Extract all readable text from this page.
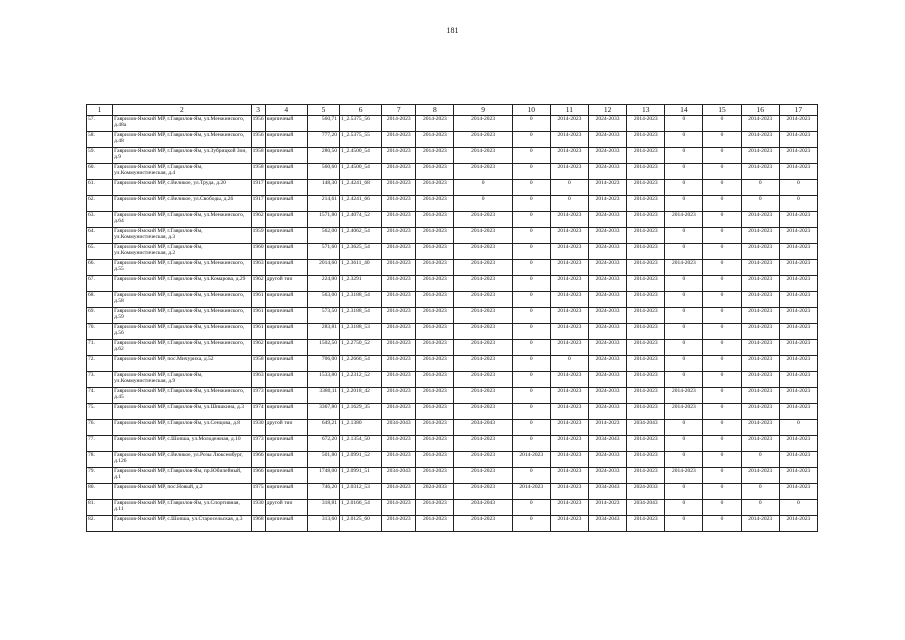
181
1	2	3	4	5	6	7	8	9	10	11	12	13	14	15	16	17
57.	Гаврилов-Ямский МР, г.Гаврилов-Ям, ул.Менжинского, д.48а	1956	кирпичный	560,71	1_2.5375_56	2014-2023	2014-2023	2014-2023	0	2014-2023	2024-2033	2014-2023	0	0	2014-2023	2014-2023
58.	Гаврилов-Ямский МР, г.Гаврилов-Ям, ул.Менжинского, д.48	1956	кирпичный	777,20	1_2.5375_55	2014-2023	2014-2023	2014-2023	0	2014-2023	2024-2033	2014-2023	0	0	2014-2023	2014-2023
59.	Гаврилов-Ямский МР, г.Гаврилов-Ям, ул.Зубрицкой Зои, д.9	1958	кирпичный	280,50	1_2.4500_54	2014-2023	2014-2023	2014-2023	0	2014-2023	2024-2033	2014-2023	0	0	2014-2023	2014-2023
60.	Гаврилов-Ямский МР, г.Гаврилов-Ям, ул.Коммунистическая, д.4	1958	кирпичный	560,60	1_2.4500_54	2014-2023	2014-2023	2014-2023	0	2014-2023	2024-2033	2014-2023	0	0	2014-2023	2014-2023
61.	Гаврилов-Ямский МР, с.Великое, ул.Труда, д.20	1917	кирпичный	148,30	1_2.4241_68	2014-2023	2014-2023	0	0	0	2014-2023	2014-2023	0	0	0	0
62.	Гаврилов-Ямский МР, с.Великое, ул.Свободы, д.26	1917	кирпичный	214,61	1_2.4241_66	2014-2023	2014-2023	0	0	0	2014-2023	2014-2023	0	0	0	0
63.	Гаврилов-Ямский МР, г.Гаврилов-Ям, ул.Менжинского, д.64	1962	кирпичный	1571,80	1_2.4074_52	2014-2023	2014-2023	2014-2023	0	2014-2023	2024-2033	2014-2023	2014-2023	0	2014-2023	2014-2023
64.	Гаврилов-Ямский МР, г.Гаврилов-Ям, ул.Коммунистическая, д.3	1959	кирпичный	562,00	1_2.4062_54	2014-2023	2014-2023	2014-2023	0	2014-2023	2024-2033	2014-2023	0	0	2014-2023	2014-2023
65.	Гаврилов-Ямский МР, г.Гаврилов-Ям, ул.Коммунистическая, д.2	1960	кирпичный	571,60	1_2.3625_54	2014-2023	2014-2023	2014-2023	0	2014-2023	2024-2033	2014-2023	0	0	2014-2023	2014-2023
66.	Гаврилов-Ямский МР, г.Гаврилов-Ям, ул.Менжинского, д.55	1963	кирпичный	2014,60	1_2.3611_40	2014-2023	2014-2023	2014-2023	0	2014-2023	2024-2033	2014-2023	2014-2023	0	2014-2023	2014-2023
67.	Гаврилов-Ямский МР, г.Гаврилов-Ям, ул.Комарова, д.29	1962	другой тип	224,00	1_2.3291	2014-2023	2014-2023	2014-2023	0	2014-2023	2024-2033	2014-2023	0	0	2014-2023	2014-2023
68.	Гаврилов-Ямский МР, г.Гаврилов-Ям, ул.Менжинского, д.58	1961	кирпичный	563,00	1_2.3188_54	2014-2023	2014-2023	2014-2023	0	2014-2023	2024-2033	2014-2023	0	0	2014-2023	2014-2023
69.	Гаврилов-Ямский МР, г.Гаврилов-Ям, ул.Менжинского, д.59	1961	кирпичный	573,50	1_2.3188_54	2014-2023	2014-2023	2014-2023	0	2014-2023	2024-2033	2014-2023	0	0	2014-2023	2014-2023
70.	Гаврилов-Ямский МР, г.Гаврилов-Ям, ул.Менжинского, д.56	1961	кирпичный	283,81	1_2.3188_53	2014-2023	2014-2023	2014-2023	0	2014-2023	2024-2033	2014-2023	0	0	2014-2023	2014-2023
71.	Гаврилов-Ямский МР, г.Гаврилов-Ям, ул.Менжинского, д.62	1962	кирпичный	1502,50	1_2.2750_52	2014-2023	2014-2023	2014-2023	0	2014-2023	2024-2033	2014-2023	0	0	2014-2023	2014-2023
72.	Гаврилов-Ямский МР, пос.Мичуриха, д.52	1958	кирпичный	706,00	1_2.2666_54	2014-2023	2014-2023	2014-2023	0	0	2024-2033	2014-2023	0	0	2014-2023	2014-2023
73.	Гаврилов-Ямский МР, г.Гаврилов-Ям, ул.Коммунистическая, д.9	1963	кирпичный	1533,80	1_2.2312_52	2014-2023	2014-2023	2014-2023	0	2014-2023	2024-2033	2014-2023	0	0	2014-2023	2014-2023
74.	Гаврилов-Ямский МР, г.Гаврилов-Ям, ул.Менжинского, д.45	1973	кирпичный	3380,11	1_2.2018_42	2014-2023	2014-2023	2014-2023	0	2014-2023	2024-2033	2014-2023	2014-2023	0	2014-2023	2014-2023
75.	Гаврилов-Ямский МР, г.Гаврилов-Ям, ул.Шишкина, д.3	1974	кирпичный	3367,80	1_2.1629_35	2014-2023	2014-2023	2014-2023	0	2014-2023	2024-2033	2014-2023	2014-2023	0	2014-2023	2014-2023
76.	Гаврилов-Ямский МР, г.Гаврилов-Ям, ул.Сенцова, д.8	1930	другой тип	649,21	1_2.1380	2034-2043	2014-2023	2034-2043	0	2014-2023	2014-2023	2034-2043	0	0	2014-2023	0
77.	Гаврилов-Ямский МР, с.Шопша, ул.Молодежная, д.10	1973	кирпичный	672,20	1_2.1354_50	2014-2023	2014-2023	2014-2023	0	2014-2023	2034-2043	2014-2023	0	0	2014-2023	2014-2023
78.	Гаврилов-Ямский МР, с.Великое, ул.Розы Люксембург, д.126	1966	кирпичный	501,80	1_2.0991_52	2014-2023	2014-2023	2014-2023	2014-2023	2014-2023	2024-2033	2014-2023	0	0	0	2014-2023
79.	Гаврилов-Ямский МР, г.Гаврилов-Ям, пр.Юбилейный, д.1	1966	кирпичный	1748,00	1_2.0991_51	2034-2043	2014-2023	2014-2023	0	2014-2023	2024-2033	2014-2023	2014-2023	0	2014-2023	2014-2023
80.	Гаврилов-Ямский МР, пос.Новый, д.2	1975	кирпичный	746,20	1_2.0312_53	2014-2023	2024-2033	2014-2023	2014-2023	2014-2023	2034-2043	2024-2033	0	0	0	2014-2023
81.	Гаврилов-Ямский МР, г.Гаврилов-Ям, ул.Спортивная, д.11	1930	другой тип	318,81	1_2.0166_54	2014-2023	2014-2023	2034-2043	0	2014-2023	2014-2023	2034-2043	0	0	0	0
82.	Гаврилов-Ямский МР, с.Шопша, ул.Старосельская, д.3	1968	кирпичный	313,60	1_2.0125_60	2014-2023	2014-2023	2014-2023	0	2014-2023	2034-2043	2014-2023	0	0	2014-2023	2014-2023
